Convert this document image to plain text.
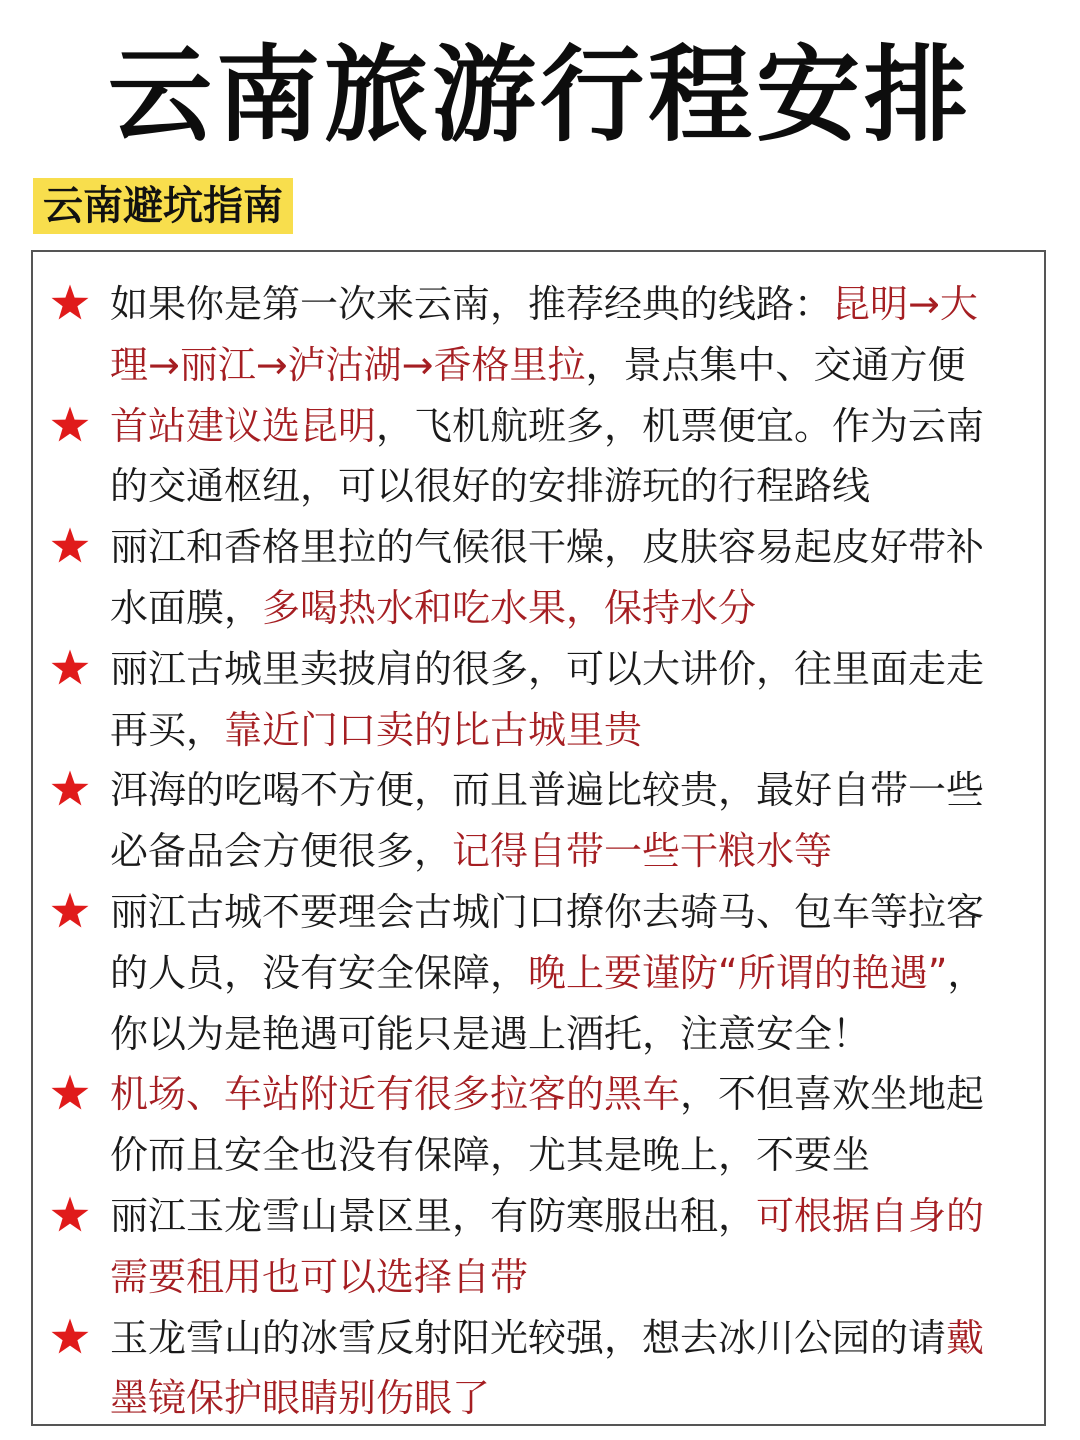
云南旅游行程安排
云南避坑指南
如果你是第一次来云南，推荐经典的线路：昆明→大理→丽江→泸沽湖→香格里拉，景点集中、交通方便
首站建议选昆明，飞机航班多，机票便宜。作为云南的交通枢纽，可以很好的安排游玩的行程路线
丽江和香格里拉的气候很干燥，皮肤容易起皮好带补水面膜，多喝热水和吃水果，保持水分
丽江古城里卖披肩的很多，可以大讲价，往里面走走再买，靠近门口卖的比古城里贵
洱海的吃喝不方便，而且普遍比较贵，最好自带一些必备品会方便很多，记得自带一些干粮水等
丽江古城不要理会古城门口撩你去骑马、包车等拉客的人员，没有安全保障，晚上要谨防“所谓的艳遇”，你以为是艳遇可能只是遇上酒托，注意安全！
机场、车站附近有很多拉客的黑车，不但喜欢坐地起价而且安全也没有保障，尤其是晚上，不要坐
丽江玉龙雪山景区里，有防寒服出租，可根据自身的需要租用也可以选择自带
玉龙雪山的冰雪反射阳光较强，想去冰川公园的请戴墨镜保护眼睛别伤眼了
